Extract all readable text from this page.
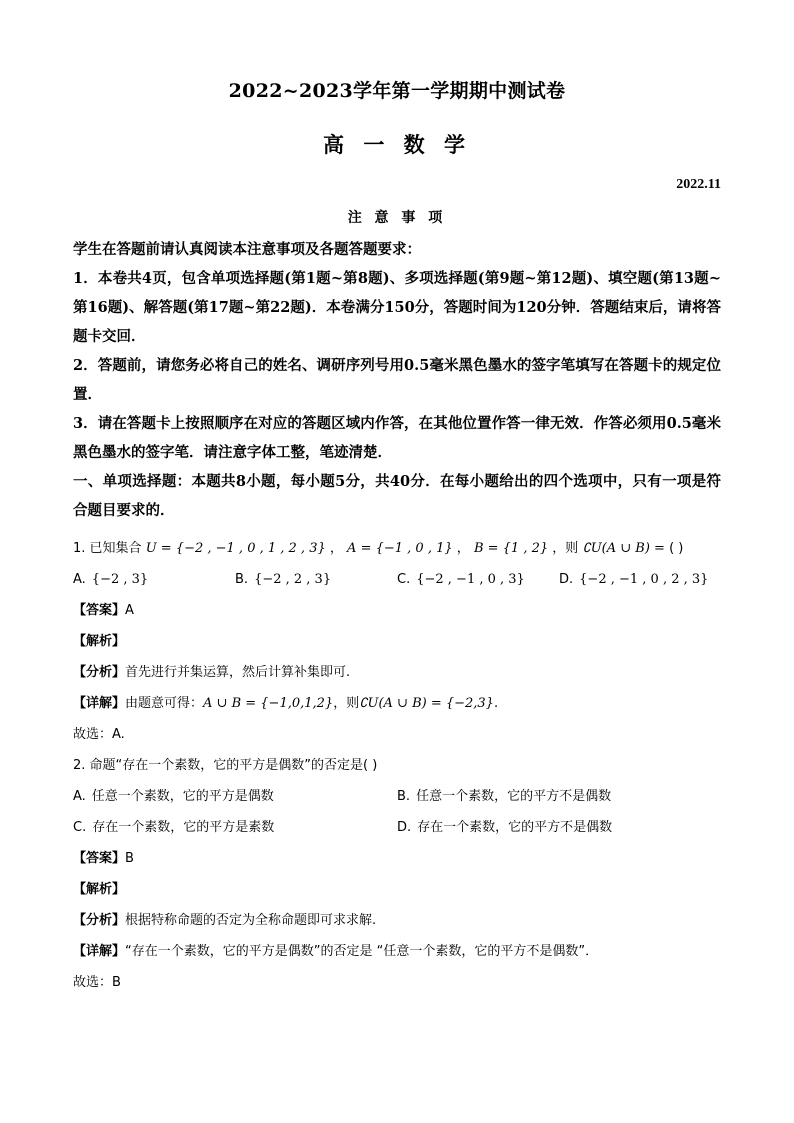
2022~2023学年第一学期期中测试卷
高 一 数 学
2022.11
注 意 事 项
学生在答题前请认真阅读本注意事项及各题答题要求：
1．本卷共4页，包含单项选择题(第1题~第8题)、多项选择题(第9题~第12题)、填空题(第13题~第16题)、解答题(第17题~第22题)．本卷满分150分，答题时间为120分钟．答题结束后，请将答题卡交回．
2．答题前，请您务必将自己的姓名、调研序列号用0.5毫米黑色墨水的签字笔填写在答题卡的规定位置．
3．请在答题卡上按照顺序在对应的答题区域内作答，在其他位置作答一律无效．作答必须用0.5毫米黑色墨水的签字笔．请注意字体工整，笔迹清楚．
一、单项选择题：本题共8小题，每小题5分，共40分．在每小题给出的四个选项中，只有一项是符合题目要求的．
1. 已知集合 U = {−2 , −1 , 0 , 1 , 2 , 3} ， A = {−1 , 0 , 1} ， B = {1 , 2} ，则 ∁U(A ∪ B) = ( )
A. {−2 , 3}	B. {−2 , 2 , 3}	C. {−2 , −1 , 0 , 3}	D. {−2 , −1 , 0 , 2 , 3}
【答案】A
【解析】
【分析】首先进行并集运算，然后计算补集即可.
【详解】由题意可得：A ∪ B = {−1,0,1,2}，则∁U(A ∪ B) = {−2,3}.
故选：A.
2. 命题“存在一个素数，它的平方是偶数”的否定是( )
A. 任意一个素数，它的平方是偶数	B. 任意一个素数，它的平方不是偶数
C. 存在一个素数，它的平方是素数	D. 存在一个素数，它的平方不是偶数
【答案】B
【解析】
【分析】根据特称命题的否定为全称命题即可求求解.
【详解】“存在一个素数，它的平方是偶数”的否定是 “任意一个素数，它的平方不是偶数”．
故选：B
